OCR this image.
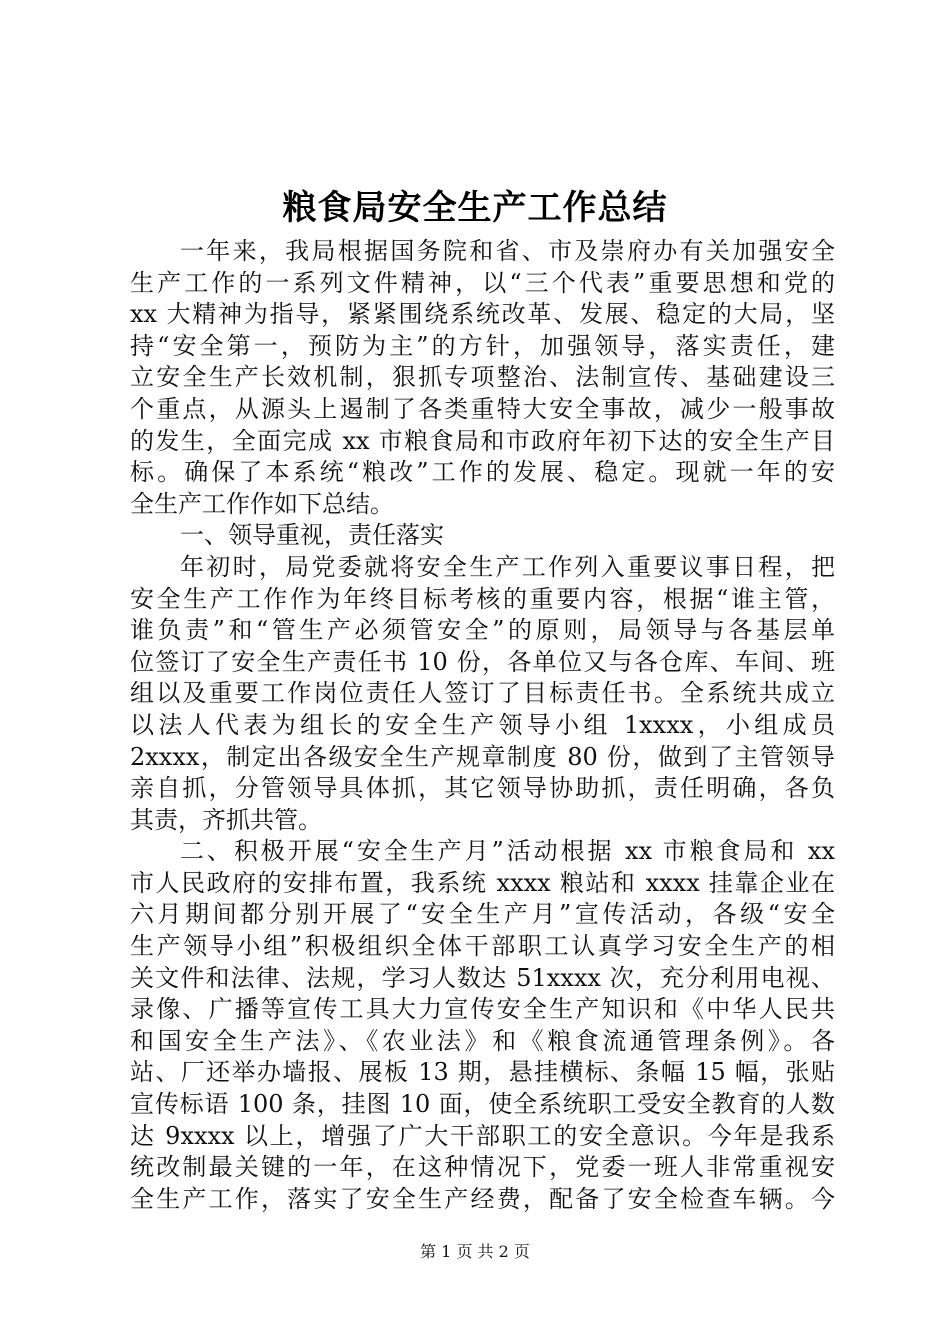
粮食局安全生产工作总结
一年来，我局根据国务院和省、市及崇府办有关加强安全
生产工作的一系列文件精神，以“三个代表”重要思想和党的
xx 大精神为指导，紧紧围绕系统改革、发展、稳定的大局，坚
持“安全第一，预防为主”的方针，加强领导，落实责任，建
立安全生产长效机制，狠抓专项整治、法制宣传、基础建设三
个重点，从源头上遏制了各类重特大安全事故，减少一般事故
的发生，全面完成 xx 市粮食局和市政府年初下达的安全生产目
标。确保了本系统“粮改”工作的发展、稳定。现就一年的安
全生产工作作如下总结。
一、领导重视，责任落实
年初时，局党委就将安全生产工作列入重要议事日程，把
安全生产工作作为年终目标考核的重要内容，根据“谁主管，
谁负责”和“管生产必须管安全”的原则，局领导与各基层单
位签订了安全生产责任书 10 份，各单位又与各仓库、车间、班
组以及重要工作岗位责任人签订了目标责任书。全系统共成立
以法人代表为组长的安全生产领导小组 1xxxx，小组成员
2xxxx，制定出各级安全生产规章制度 80 份，做到了主管领导
亲自抓，分管领导具体抓，其它领导协助抓，责任明确，各负
其责，齐抓共管。
二、积极开展“安全生产月”活动根据 xx 市粮食局和 xx
市人民政府的安排布置，我系统 xxxx 粮站和 xxxx 挂靠企业在
六月期间都分别开展了“安全生产月”宣传活动，各级“安全
生产领导小组”积极组织全体干部职工认真学习安全生产的相
关文件和法律、法规，学习人数达 51xxxx 次，充分利用电视、
录像、广播等宣传工具大力宣传安全生产知识和《中华人民共
和国安全生产法》、《农业法》和《粮食流通管理条例》。各
站、厂还举办墙报、展板 13 期，悬挂横标、条幅 15 幅，张贴
宣传标语 100 条，挂图 10 面，使全系统职工受安全教育的人数
达 9xxxx 以上，增强了广大干部职工的安全意识。今年是我系
统改制最关键的一年，在这种情况下，党委一班人非常重视安
全生产工作，落实了安全生产经费，配备了安全检查车辆。今
第 1 页 共 2 页
